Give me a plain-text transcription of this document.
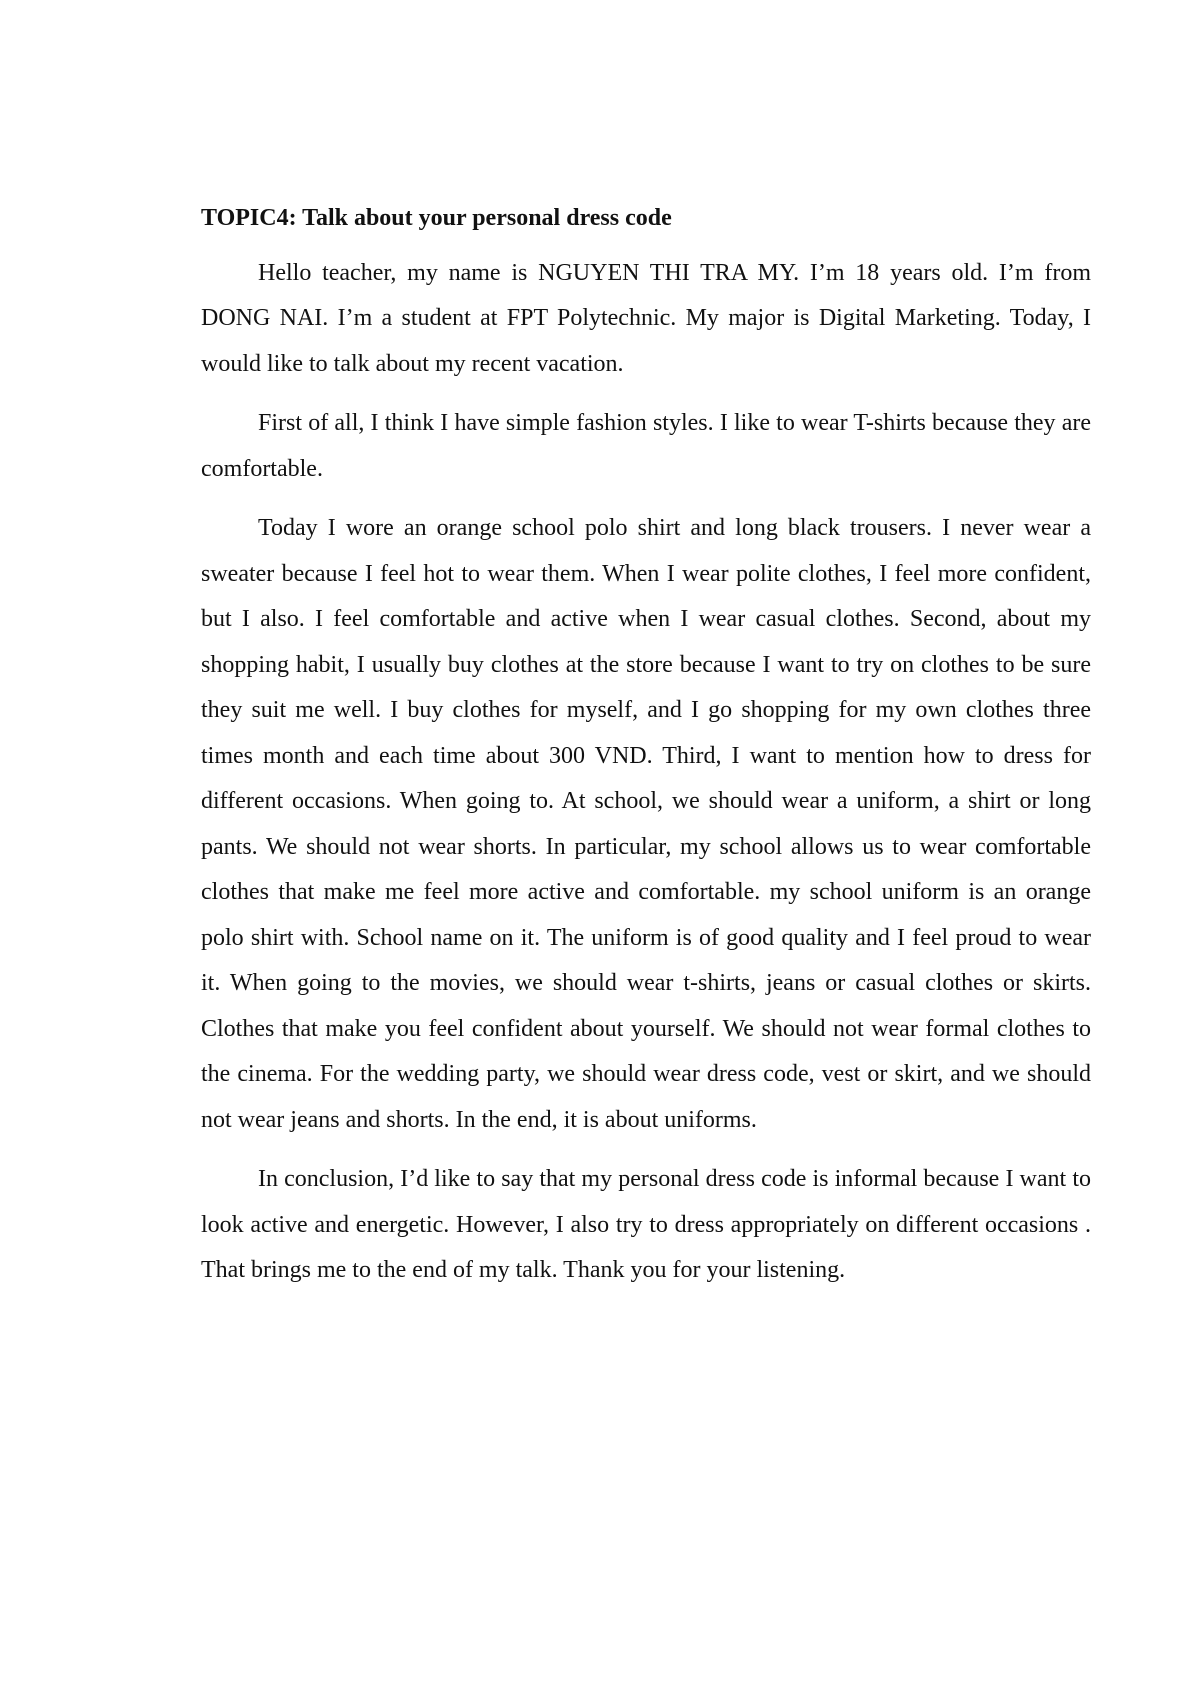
TOPIC4: Talk about your personal dress code

Hello teacher, my name is NGUYEN THI TRA MY. I’m 18 years old. I’m from DONG NAI. I’m a student at FPT Polytechnic. My major is Digital Marketing. Today, I would like to talk about my recent vacation.

First of all, I think I have simple fashion styles. I like to wear T-shirts because they are comfortable.

Today I wore an orange school polo shirt and long black trousers. I never wear a sweater because I feel hot to wear them. When I wear polite clothes, I feel more confident, but I also. I feel comfortable and active when I wear casual clothes. Second, about my shopping habit, I usually buy clothes at the store because I want to try on clothes to be sure they suit me well. I buy clothes for myself, and I go shopping for my own clothes three times month and each time about 300 VND. Third, I want to mention how to dress for different occasions. When going to. At school, we should wear a uniform, a shirt or long pants. We should not wear shorts. In particular, my school allows us to wear comfortable clothes that make me feel more active and comfortable. my school uniform is an orange polo shirt with. School name on it. The uniform is of good quality and I feel proud to wear it. When going to the movies, we should wear t-shirts, jeans or casual clothes or skirts. Clothes that make you feel confident about yourself. We should not wear formal clothes to the cinema. For the wedding party, we should wear dress code, vest or skirt, and we should not wear jeans and shorts. In the end, it is about uniforms.

In conclusion, I’d like to say that my personal dress code is informal because I want to look active and energetic. However, I also try to dress appropriately on different occasions . That brings me to the end of my talk. Thank you for your listening.
